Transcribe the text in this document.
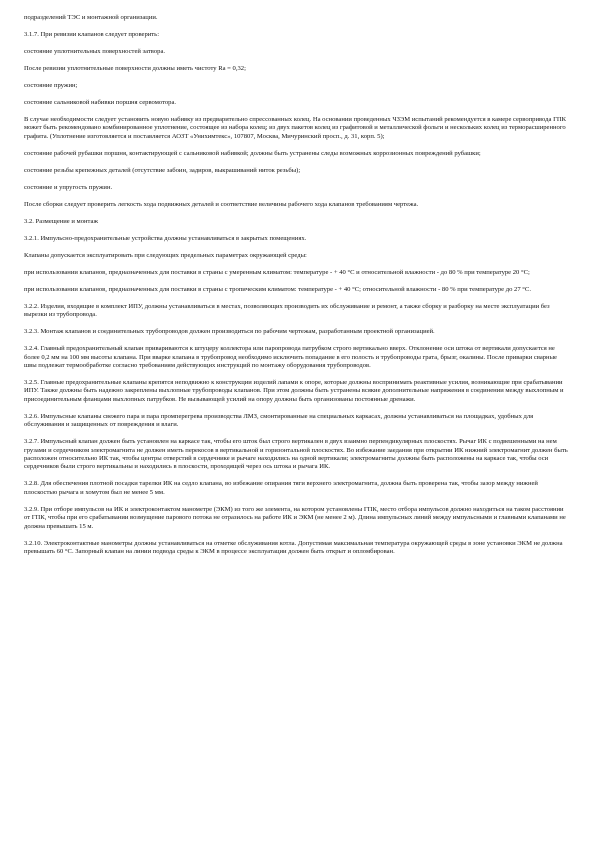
подразделений ТЭС и монтажной организации.

3.1.7. При ревизии клапанов следует проверить:

состояние уплотнительных поверхностей затвора.

После ревизии уплотнительные поверхности должны иметь чистоту Ra = 0,32;

состояние пружин;

состояние сальниковой набивки поршня сервомотора.

В случае необходимости следует установить новую набивку из предварительно спрессованных колец. На основании проведенных ЧЗЭМ испытаний рекомендуется в камере сервопривода ГПК может быть рекомендовано комбинированное уплотнение, состоящее из набора колец; из двух пакетов колец из графитовой и металлической фольги и нескольких колец из терморасширенного графита. (Уплотнение изготовляется и поставляется АОЗТ «Унихимтекс», 107807, Москва, Мичуринский просп., д. 31, корп. 5);

состояние рабочей рубашки поршня, контактирующей с сальниковой набивкой; должны быть устранены следы возможных коррозионных повреждений рубашки;

состояние резьбы крепежных деталей (отсутствие забоин, задиров, выкрашиваний ниток резьбы);

состояние и упругость пружин.

После сборки следует проверить легкость хода подвижных деталей и соответствие величины рабочего хода клапанов требованиям чертежа.

3.2. Размещение и монтаж

3.2.1. Импульсно-предохранительные устройства должны устанавливаться в закрытых помещениях.

Клапаны допускается эксплуатировать при следующих предельных параметрах окружающей среды:

при использовании клапанов, предназначенных для поставки в страны с умеренным климатом: температуре - + 40 °С и относительной влажности - до 80 % при температуре 20 °С;

при использовании клапанов, предназначенных для поставки в страны с тропическим климатом: температуре - + 40 °С; относительной влажности - 80 % при температуре до 27 °С.

3.2.2. Изделия, входящие в комплект ИПУ, должны устанавливаться в местах, позволяющих производить их обслуживание и ремонт, а также сборку и разборку на месте эксплуатации без вырезки из трубопровода.

3.2.3. Монтаж клапанов и соединительных трубопроводов должен производиться по рабочим чертежам, разработанным проектной организацией.

3.2.4. Главный предохранительный клапан привариваются к штуцеру коллектора или паропровода патрубком строго вертикально вверх. Отклонение оси штока от вертикали допускается не более 0,2 мм на 100 мм высоты клапана. При вварке клапана в трубопровод необходимо исключить попадание в его полость и трубопроводы грата, брызг, окалины. После приварки сварные швы подлежат термообработке согласно требованиям действующих инструкций по монтажу оборудования трубопроводов.

3.2.5. Главные предохранительные клапаны крепятся неподвижно к конструкции изделий лапами к опоре, которые должны воспринимать реактивные усилия, возникающие при срабатывании ИПУ. Также должны быть надежно закреплены выхлопные трубопроводы клапанов. При этом должны быть устранены всякие дополнительные напряжения в соединении между выхлопным и присоединительным фланцами выхлопных патрубков. Не вызывающей усилий на опору должны быть организованы постоянные дренажи.

3.2.6. Импульсные клапаны свежего пара и пара промперегрева производства ЛМЗ, смонтированные на специальных каркасах, должны устанавливаться на площадках, удобных для обслуживания и защищенных от повреждения и влаги.

3.2.7. Импульсный клапан должен быть установлен на каркасе так, чтобы его шток был строго вертикален в двух взаимно перпендикулярных плоскостях. Рычаг ИК с подвешенными на нем грузами и сердечником электромагнита не должен иметь перекосов в вертикальной и горизонтальной плоскостях. Во избежание заедания при открытии ИК нижний электромагнит должен быть расположен относительно ИК так, чтобы центры отверстий в сердечнике и рычаге находились на одной вертикали; электромагниты должны быть расположены на каркасе так, чтобы оси сердечников были строго вертикальны и находились в плоскости, проходящей через ось штока и рычага ИК.

3.2.8. Для обеспечения плотной посадки тарелки ИК на седло клапана, во избежание опирания тяги верхнего электромагнита, должна быть проверена так, чтобы зазор между нижней плоскостью рычага и хомутом был не менее 5 мм.

3.2.9. При отборе импульсов на ИК и электроконтактом манометре (ЭКМ) из того же элемента, на котором установлены ГПК, место отбора импульсов должно находиться на таком расстоянии от ГПК, чтобы при его срабатывании возмущение парового потока не отразилось на работе ИК и ЭКМ (не менее 2 м). Длина импульсных линий между импульсными и главными клапанами не должна превышать 15 м.

3.2.10. Электроконтактные манометры должны устанавливаться на отметке обслуживания котла. Допустимая максимальная температура окружающей среды в зоне установки ЭКМ не должна превышать 60 °С. Запорный клапан на линии подвода среды к ЭКМ в процессе эксплуатации должен быть открыт и опломбирован.
